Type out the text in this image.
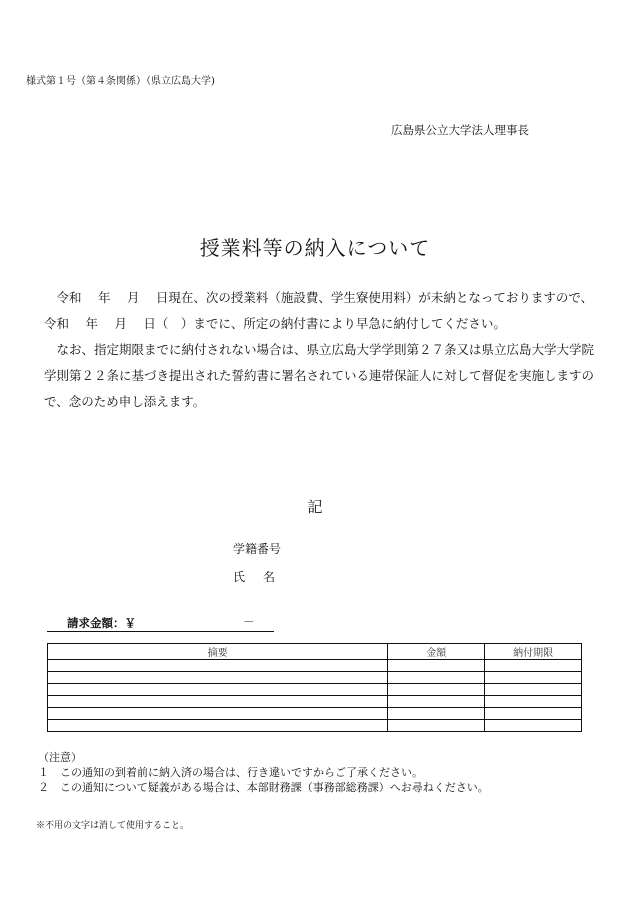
様式第１号（第４条関係）（県立広島大学)
広島県公立大学法人理事長
授業料等の納入について

令和　 年　 月　 日現在、次の授業料（施設費、学生寮使用料）が未納となっておりますので、令和　 年　 月　 日（　）までに、所定の納付書により早急に納付してください。

なお、指定期限までに納付されない場合は、県立広島大学学則第２７条又は県立広島大学大学院学則第２２条に基づき提出された誓約書に署名されている連帯保証人に対して督促を実施しますので、念のため申し添えます。

記
学籍番号
氏 名
請求金額：￥	－
摘要	金額	納付期限

（注意）
１　この通知の到着前に納入済の場合は、行き違いですからご了承ください。
２　この通知について疑義がある場合は、本部財務課（事務部総務課）へお尋ねください。
※不用の文字は消して使用すること。
